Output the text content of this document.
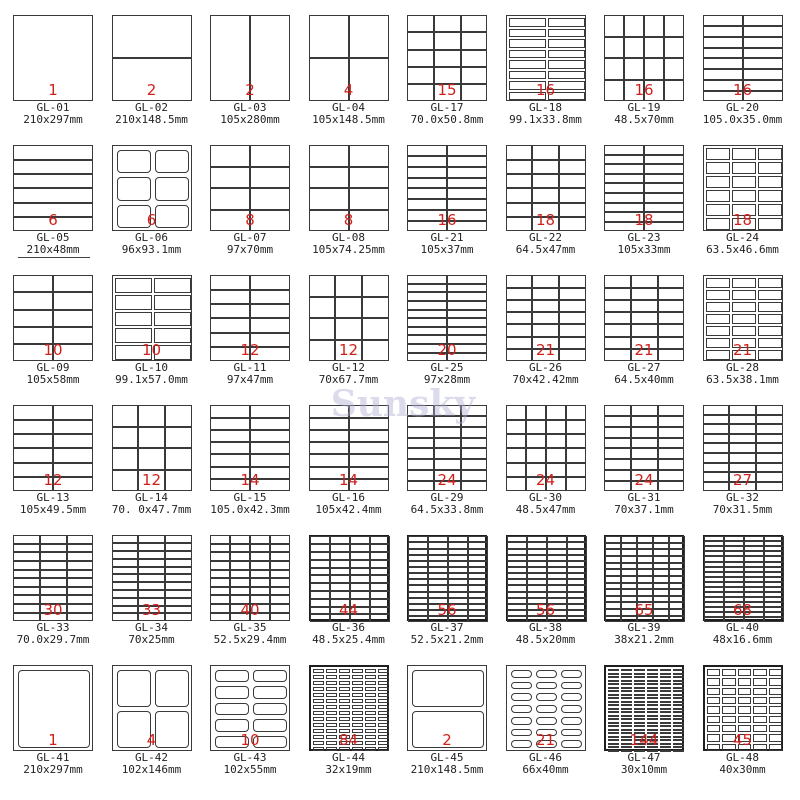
1
GL-01
210x297mm
2
GL-02
210x148.5mm
2
GL-03
105x280mm
4
GL-04
105x148.5mm
15
GL-17
70.0x50.8mm
16
GL-18
99.1x33.8mm
16
GL-19
48.5x70mm
16
GL-20
105.0x35.0mm
6
GL-05
210x48mm
6
GL-06
96x93.1mm
8
GL-07
97x70mm
8
GL-08
105x74.25mm
16
GL-21
105x37mm
18
GL-22
64.5x47mm
18
GL-23
105x33mm
18
GL-24
63.5x46.6mm
10
GL-09
105x58mm
10
GL-10
99.1x57.0mm
12
GL-11
97x47mm
12
GL-12
70x67.7mm
20
GL-25
97x28mm
21
GL-26
70x42.42mm
21
GL-27
64.5x40mm
21
GL-28
63.5x38.1mm
12
GL-13
105x49.5mm
12
GL-14
70. 0x47.7mm
14
GL-15
105.0x42.3mm
14
GL-16
105x42.4mm
24
GL-29
64.5x33.8mm
24
GL-30
48.5x47mm
24
GL-31
70x37.1mm
27
GL-32
70x31.5mm
30
GL-33
70.0x29.7mm
33
GL-34
70x25mm
40
GL-35
52.5x29.4mm
44
GL-36
48.5x25.4mm
56
GL-37
52.5x21.2mm
56
GL-38
48.5x20mm
65
GL-39
38x21.2mm
68
GL-40
48x16.6mm
1
GL-41
210x297mm
4
GL-42
102x146mm
10
GL-43
102x55mm
84
GL-44
32x19mm
2
GL-45
210x148.5mm
21
GL-46
66x40mm
144
GL-47
30x10mm
45
GL-48
40x30mm
Sunsky
